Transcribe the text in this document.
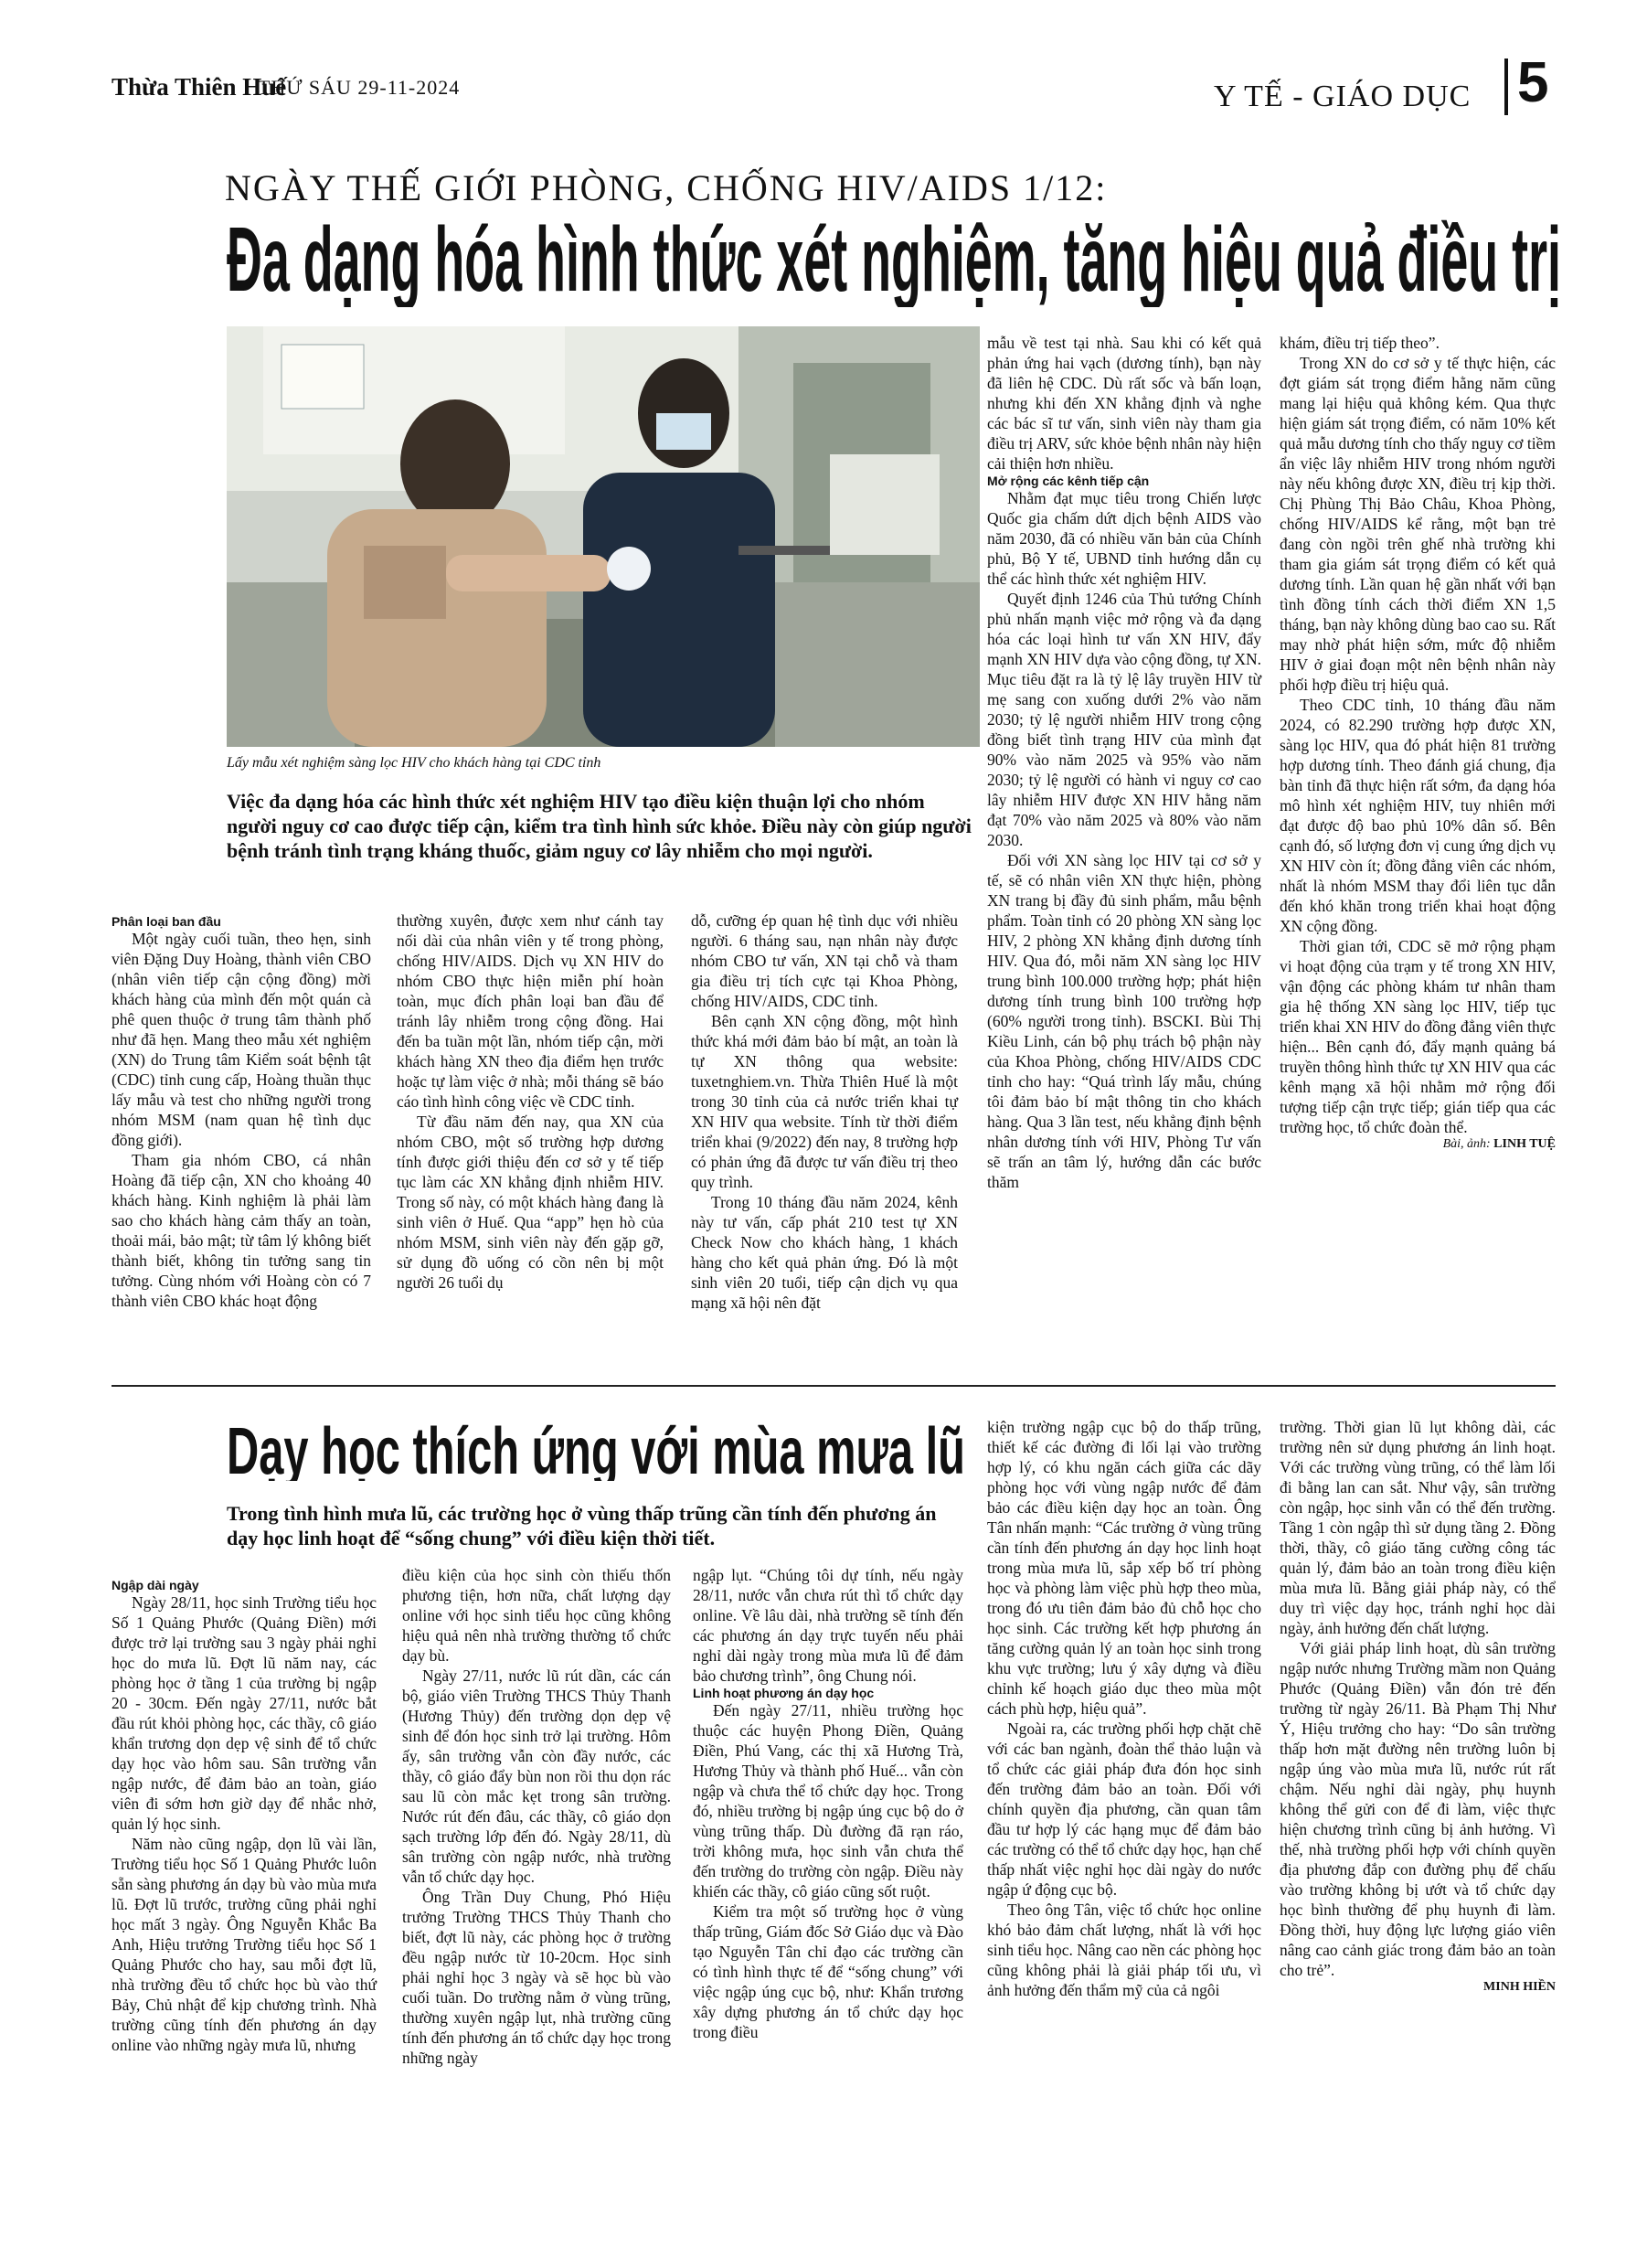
Thừa Thiên Huế
THỨ SÁU 29-11-2024	Y TẾ - GIÁO DỤC 5
NGÀY THẾ GIỚI PHÒNG, CHỐNG HIV/AIDS 1/12:
Đa dạng hóa hình thức xét nghiệm, tăng hiệu quả điều trị
Lấy mẫu xét nghiệm sàng lọc HIV cho khách hàng tại CDC tỉnh
Việc đa dạng hóa các hình thức xét nghiệm HIV tạo điều kiện thuận lợi cho nhóm người nguy cơ cao được tiếp cận, kiểm tra tình hình sức khỏe. Điều này còn giúp người bệnh tránh tình trạng kháng thuốc, giảm nguy cơ lây nhiễm cho mọi người.

Phân loại ban đầu

Một ngày cuối tuần, theo hẹn, sinh viên Đặng Duy Hoàng, thành viên CBO (nhân viên tiếp cận cộng đồng) mời khách hàng của mình đến một quán cà phê quen thuộc ở trung tâm thành phố như đã hẹn. Mang theo mẫu xét nghiệm (XN) do Trung tâm Kiểm soát bệnh tật (CDC) tỉnh cung cấp, Hoàng thuần thục lấy mẫu và test cho những người trong nhóm MSM (nam quan hệ tình dục đồng giới).

Tham gia nhóm CBO, cá nhân Hoàng đã tiếp cận, XN cho khoảng 40 khách hàng. Kinh nghiệm là phải làm sao cho khách hàng cảm thấy an toàn, thoải mái, bảo mật; từ tâm lý không biết thành biết, không tin tưởng sang tin tưởng. Cùng nhóm với Hoàng còn có 7 thành viên CBO khác hoạt động

thường xuyên, được xem như cánh tay nối dài của nhân viên y tế trong phòng, chống HIV/AIDS. Dịch vụ XN HIV do nhóm CBO thực hiện miễn phí hoàn toàn, mục đích phân loại ban đầu để tránh lây nhiễm trong cộng đồng. Hai đến ba tuần một lần, nhóm tiếp cận, mời khách hàng XN theo địa điểm hẹn trước hoặc tự làm việc ở nhà; mỗi tháng sẽ báo cáo tình hình công việc về CDC tỉnh.

Từ đầu năm đến nay, qua XN của nhóm CBO, một số trường hợp dương tính được giới thiệu đến cơ sở y tế tiếp tục làm các XN khẳng định nhiễm HIV. Trong số này, có một khách hàng đang là sinh viên ở Huế. Qua “app” hẹn hò của nhóm MSM, sinh viên này đến gặp gỡ, sử dụng đồ uống có cồn nên bị một người 26 tuổi dụ

dỗ, cưỡng ép quan hệ tình dục với nhiều người. 6 tháng sau, nạn nhân này được nhóm CBO tư vấn, XN tại chỗ và tham gia điều trị tích cực tại Khoa Phòng, chống HIV/AIDS, CDC tỉnh.

Bên cạnh XN cộng đồng, một hình thức khá mới đảm bảo bí mật, an toàn là tự XN thông qua website: tuxetnghiem.vn. Thừa Thiên Huế là một trong 30 tỉnh của cả nước triển khai tự XN HIV qua website. Tính từ thời điểm triển khai (9/2022) đến nay, 8 trường hợp có phản ứng đã được tư vấn điều trị theo quy trình.

Trong 10 tháng đầu năm 2024, kênh này tư vấn, cấp phát 210 test tự XN Check Now cho khách hàng, 1 khách hàng cho kết quả phản ứng. Đó là một sinh viên 20 tuổi, tiếp cận dịch vụ qua mạng xã hội nên đặt

mẫu về test tại nhà. Sau khi có kết quả phản ứng hai vạch (dương tính), bạn này đã liên hệ CDC. Dù rất sốc và bấn loạn, nhưng khi đến XN khẳng định và nghe các bác sĩ tư vấn, sinh viên này tham gia điều trị ARV, sức khỏe bệnh nhân này hiện cải thiện hơn nhiều.

Mở rộng các kênh tiếp cận

Nhằm đạt mục tiêu trong Chiến lược Quốc gia chấm dứt dịch bệnh AIDS vào năm 2030, đã có nhiều văn bản của Chính phủ, Bộ Y tế, UBND tỉnh hướng dẫn cụ thể các hình thức xét nghiệm HIV.

Quyết định 1246 của Thủ tướng Chính phủ nhấn mạnh việc mở rộng và đa dạng hóa các loại hình tư vấn XN HIV, đẩy mạnh XN HIV dựa vào cộng đồng, tự XN. Mục tiêu đặt ra là tỷ lệ lây truyền HIV từ mẹ sang con xuống dưới 2% vào năm 2030; tỷ lệ người nhiễm HIV trong cộng đồng biết tình trạng HIV của mình đạt 90% vào năm 2025 và 95% vào năm 2030; tỷ lệ người có hành vi nguy cơ cao lây nhiễm HIV được XN HIV hằng năm đạt 70% vào năm 2025 và 80% vào năm 2030.

Đối với XN sàng lọc HIV tại cơ sở y tế, sẽ có nhân viên XN thực hiện, phòng XN trang bị đầy đủ sinh phẩm, mẫu bệnh phẩm. Toàn tỉnh có 20 phòng XN sàng lọc HIV, 2 phòng XN khẳng định dương tính HIV. Qua đó, mỗi năm XN sàng lọc HIV trung bình 100.000 trường hợp; phát hiện dương tính trung bình 100 trường hợp (60% người trong tỉnh). BSCKI. Bùi Thị Kiều Linh, cán bộ phụ trách bộ phận này của Khoa Phòng, chống HIV/AIDS CDC tỉnh cho hay: “Quá trình lấy mẫu, chúng tôi đảm bảo bí mật thông tin cho khách hàng. Qua 3 lần test, nếu khẳng định bệnh nhân dương tính với HIV, Phòng Tư vấn sẽ trấn an tâm lý, hướng dẫn các bước thăm

khám, điều trị tiếp theo”.

Trong XN do cơ sở y tế thực hiện, các đợt giám sát trọng điểm hằng năm cũng mang lại hiệu quả không kém. Qua thực hiện giám sát trọng điểm, có năm 10% kết quả mẫu dương tính cho thấy nguy cơ tiềm ẩn việc lây nhiễm HIV trong nhóm người này nếu không được XN, điều trị kịp thời. Chị Phùng Thị Bảo Châu, Khoa Phòng, chống HIV/AIDS kể rằng, một bạn trẻ đang còn ngồi trên ghế nhà trường khi tham gia giám sát trọng điểm có kết quả dương tính. Lần quan hệ gần nhất với bạn tình đồng tính cách thời điểm XN 1,5 tháng, bạn này không dùng bao cao su. Rất may nhờ phát hiện sớm, mức độ nhiễm HIV ở giai đoạn một nên bệnh nhân này phối hợp điều trị hiệu quả.

Theo CDC tỉnh, 10 tháng đầu năm 2024, có 82.290 trường hợp được XN, sàng lọc HIV, qua đó phát hiện 81 trường hợp dương tính. Theo đánh giá chung, địa bàn tỉnh đã thực hiện rất sớm, đa dạng hóa mô hình xét nghiệm HIV, tuy nhiên mới đạt được độ bao phủ 10% dân số. Bên cạnh đó, số lượng đơn vị cung ứng dịch vụ XN HIV còn ít; đồng đẳng viên các nhóm, nhất là nhóm MSM thay đổi liên tục dẫn đến khó khăn trong triển khai hoạt động XN cộng đồng.

Thời gian tới, CDC sẽ mở rộng phạm vi hoạt động của trạm y tế trong XN HIV, vận động các phòng khám tư nhân tham gia hệ thống XN sàng lọc HIV, tiếp tục triển khai XN HIV do đồng đẳng viên thực hiện... Bên cạnh đó, đẩy mạnh quảng bá truyền thông hình thức tự XN HIV qua các kênh mạng xã hội nhằm mở rộng đối tượng tiếp cận trực tiếp; gián tiếp qua các trường học, tổ chức đoàn thể.

Bài, ảnh: LINH TUỆ

Dạy học thích ứng với mùa mưa lũ
Trong tình hình mưa lũ, các trường học ở vùng thấp trũng cần tính đến phương án dạy học linh hoạt để “sống chung” với điều kiện thời tiết.

Ngập dài ngày

Ngày 28/11, học sinh Trường tiểu học Số 1 Quảng Phước (Quảng Điền) mới được trở lại trường sau 3 ngày phải nghỉ học do mưa lũ. Đợt lũ năm nay, các phòng học ở tầng 1 của trường bị ngập 20 - 30cm. Đến ngày 27/11, nước bắt đầu rút khỏi phòng học, các thầy, cô giáo khẩn trương dọn dẹp vệ sinh để tổ chức dạy học vào hôm sau. Sân trường vẫn ngập nước, để đảm bảo an toàn, giáo viên đi sớm hơn giờ dạy để nhắc nhở, quản lý học sinh.

Năm nào cũng ngập, dọn lũ vài lần, Trường tiểu học Số 1 Quảng Phước luôn sẵn sàng phương án dạy bù vào mùa mưa lũ. Đợt lũ trước, trường cũng phải nghỉ học mất 3 ngày. Ông Nguyễn Khắc Ba Anh, Hiệu trưởng Trường tiểu học Số 1 Quảng Phước cho hay, sau mỗi đợt lũ, nhà trường đều tổ chức học bù vào thứ Bảy, Chủ nhật để kịp chương trình. Nhà trường cũng tính đến phương án dạy online vào những ngày mưa lũ, nhưng

điều kiện của học sinh còn thiếu thốn phương tiện, hơn nữa, chất lượng dạy online với học sinh tiểu học cũng không hiệu quả nên nhà trường thường tổ chức dạy bù.

Ngày 27/11, nước lũ rút dần, các cán bộ, giáo viên Trường THCS Thủy Thanh (Hương Thủy) đến trường dọn dẹp vệ sinh để đón học sinh trở lại trường. Hôm ấy, sân trường vẫn còn đầy nước, các thầy, cô giáo đẩy bùn non rồi thu dọn rác sau lũ còn mắc kẹt trong sân trường. Nước rút đến đâu, các thầy, cô giáo dọn sạch trường lớp đến đó. Ngày 28/11, dù sân trường còn ngập nước, nhà trường vẫn tổ chức dạy học.

Ông Trần Duy Chung, Phó Hiệu trưởng Trường THCS Thủy Thanh cho biết, đợt lũ này, các phòng học ở trường đều ngập nước từ 10-20cm. Học sinh phải nghỉ học 3 ngày và sẽ học bù vào cuối tuần. Do trường nằm ở vùng trũng, thường xuyên ngập lụt, nhà trường cũng tính đến phương án tổ chức dạy học trong những ngày

ngập lụt. “Chúng tôi dự tính, nếu ngày 28/11, nước vẫn chưa rút thì tổ chức dạy online. Về lâu dài, nhà trường sẽ tính đến các phương án dạy trực tuyến nếu phải nghỉ dài ngày trong mùa mưa lũ để đảm bảo chương trình”, ông Chung nói.

Linh hoạt phương án dạy học

Đến ngày 27/11, nhiều trường học thuộc các huyện Phong Điền, Quảng Điền, Phú Vang, các thị xã Hương Trà, Hương Thủy và thành phố Huế... vẫn còn ngập và chưa thể tổ chức dạy học. Trong đó, nhiều trường bị ngập úng cục bộ do ở vùng trũng thấp. Dù đường đã rạn ráo, trời không mưa, học sinh vẫn chưa thể đến trường do trường còn ngập. Điều này khiến các thầy, cô giáo cũng sốt ruột.

Kiểm tra một số trường học ở vùng thấp trũng, Giám đốc Sở Giáo dục và Đào tạo Nguyễn Tân chỉ đạo các trường cần có tình hình thực tế để “sống chung” với việc ngập úng cục bộ, như: Khẩn trương xây dựng phương án tổ chức dạy học trong điều

kiện trường ngập cục bộ do thấp trũng, thiết kế các đường đi lối lại vào trường hợp lý, có khu ngăn cách giữa các dãy phòng học với vùng ngập nước để đảm bảo các điều kiện dạy học an toàn. Ông Tân nhấn mạnh: “Các trường ở vùng trũng cần tính đến phương án dạy học linh hoạt trong mùa mưa lũ, sắp xếp bố trí phòng học và phòng làm việc phù hợp theo mùa, trong đó ưu tiên đảm bảo đủ chỗ học cho học sinh. Các trường kết hợp phương án tăng cường quản lý an toàn học sinh trong khu vực trường; lưu ý xây dựng và điều chỉnh kế hoạch giáo dục theo mùa một cách phù hợp, hiệu quả”.

Ngoài ra, các trường phối hợp chặt chẽ với các ban ngành, đoàn thể thảo luận và tổ chức các giải pháp đưa đón học sinh đến trường đảm bảo an toàn. Đối với chính quyền địa phương, cần quan tâm đầu tư hợp lý các hạng mục để đảm bảo các trường có thể tổ chức dạy học, hạn chế thấp nhất việc nghỉ học dài ngày do nước ngập ứ động cục bộ.

Theo ông Tân, việc tổ chức học online khó bảo đảm chất lượng, nhất là với học sinh tiểu học. Nâng cao nền các phòng học cũng không phải là giải pháp tối ưu, vì ảnh hưởng đến thẩm mỹ của cả ngôi

trường. Thời gian lũ lụt không dài, các trường nên sử dụng phương án linh hoạt. Với các trường vùng trũng, có thể làm lối đi bằng lan can sắt. Như vậy, sân trường còn ngập, học sinh vẫn có thể đến trường. Tầng 1 còn ngập thì sử dụng tầng 2. Đồng thời, thầy, cô giáo tăng cường công tác quản lý, đảm bảo an toàn trong điều kiện mùa mưa lũ. Bằng giải pháp này, có thể duy trì việc dạy học, tránh nghỉ học dài ngày, ảnh hưởng đến chất lượng.

Với giải pháp linh hoạt, dù sân trường ngập nước nhưng Trường mầm non Quảng Phước (Quảng Điền) vẫn đón trẻ đến trường từ ngày 26/11. Bà Phạm Thị Như Ý, Hiệu trưởng cho hay: “Do sân trường thấp hơn mặt đường nên trường luôn bị ngập úng vào mùa mưa lũ, nước rút rất chậm. Nếu nghỉ dài ngày, phụ huynh không thể gửi con để đi làm, việc thực hiện chương trình cũng bị ảnh hưởng. Vì thế, nhà trường phối hợp với chính quyền địa phương đắp con đường phụ để chấu vào trường không bị ướt và tổ chức dạy học bình thường để phụ huynh đi làm. Đồng thời, huy động lực lượng giáo viên nâng cao cảnh giác trong đảm bảo an toàn cho trẻ”.

MINH HIỀN
